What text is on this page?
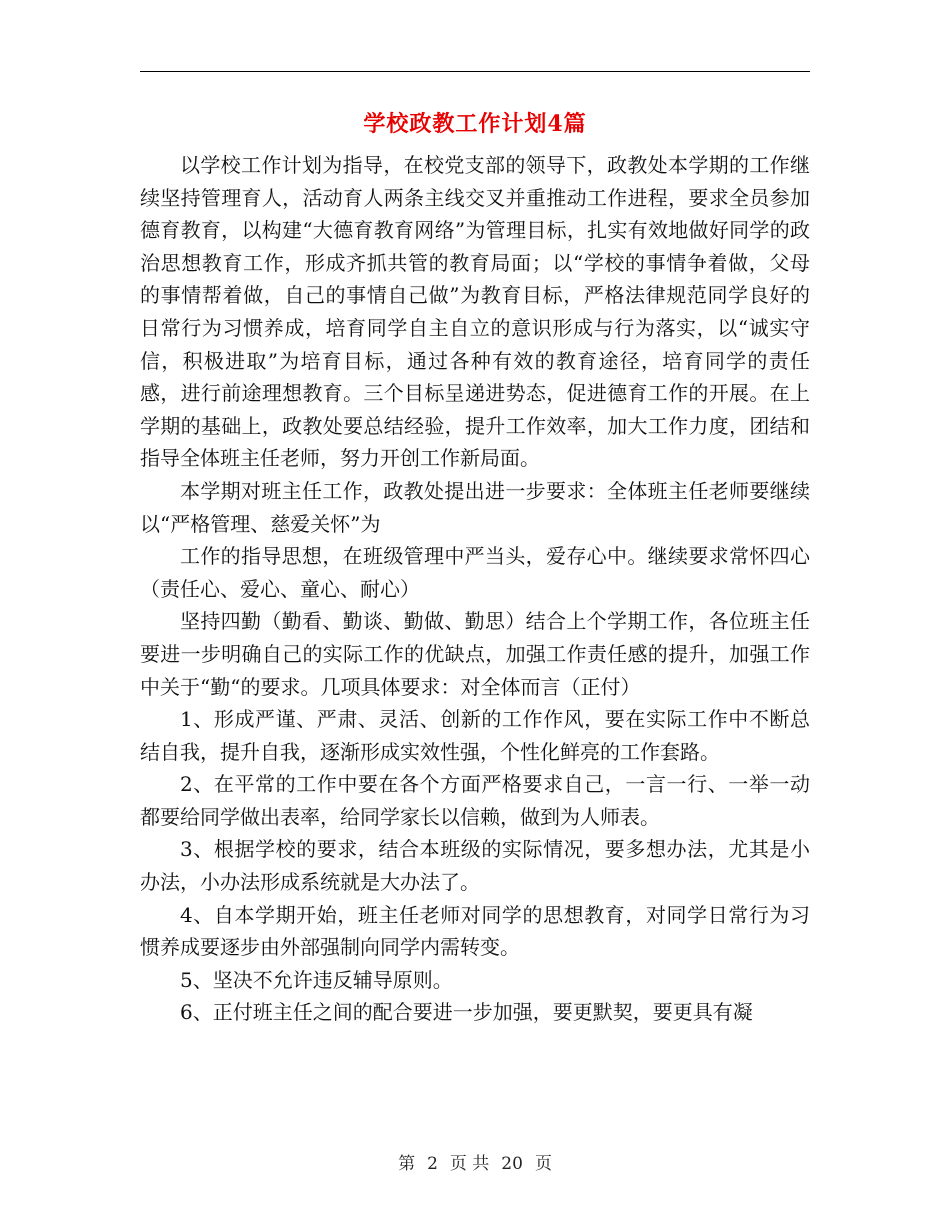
学校政教工作计划4篇

以学校工作计划为指导，在校党支部的领导下，政教处本学期的工作继续坚持管理育人，活动育人两条主线交叉并重推动工作进程，要求全员参加德育教育，以构建“大德育教育网络”为管理目标，扎实有效地做好同学的政治思想教育工作，形成齐抓共管的教育局面；以“学校的事情争着做，父母的事情帮着做，自己的事情自己做”为教育目标，严格法律规范同学良好的日常行为习惯养成，培育同学自主自立的意识形成与行为落实，以“诚实守信，积极进取”为培育目标，通过各种有效的教育途径，培育同学的责任感，进行前途理想教育。三个目标呈递进势态，促进德育工作的开展。在上学期的基础上，政教处要总结经验，提升工作效率，加大工作力度，团结和指导全体班主任老师，努力开创工作新局面。

本学期对班主任工作，政教处提出进一步要求：全体班主任老师要继续以“严格管理、慈爱关怀”为

工作的指导思想，在班级管理中严当头，爱存心中。继续要求常怀四心（责任心、爱心、童心、耐心）

坚持四勤（勤看、勤谈、勤做、勤思）结合上个学期工作，各位班主任要进一步明确自己的实际工作的优缺点，加强工作责任感的提升，加强工作中关于“勤“的要求。几项具体要求：对全体而言（正付）

1、形成严谨、严肃、灵活、创新的工作作风，要在实际工作中不断总结自我，提升自我，逐渐形成实效性强，个性化鲜亮的工作套路。

2、在平常的工作中要在各个方面严格要求自己，一言一行、一举一动都要给同学做出表率，给同学家长以信赖，做到为人师表。

3、根据学校的要求，结合本班级的实际情况，要多想办法，尤其是小办法，小办法形成系统就是大办法了。

4、自本学期开始，班主任老师对同学的思想教育，对同学日常行为习惯养成要逐步由外部强制向同学内需转变。

5、坚决不允许违反辅导原则。

6、正付班主任之间的配合要进一步加强，要更默契，要更具有凝

第 2 页 共 20 页
